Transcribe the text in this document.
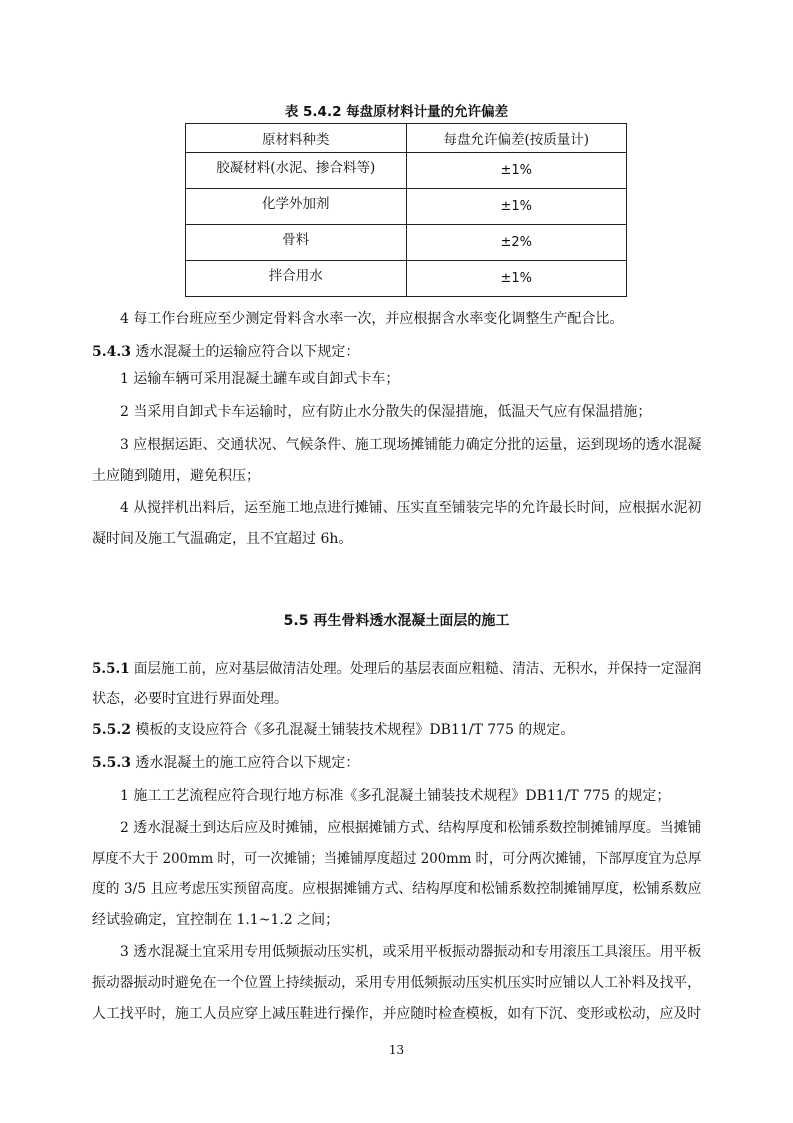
表 5.4.2 每盘原材料计量的允许偏差
原材料种类	每盘允许偏差(按质量计)

胶凝材料(水泥、掺合料等)	±1%

化学外加剂	±1%

骨料	±2%

拌合用水	±1%
4 每工作台班应至少测定骨料含水率一次，并应根据含水率变化调整生产配合比。
5.4.3 透水混凝土的运输应符合以下规定：
1 运输车辆可采用混凝土罐车或自卸式卡车；
2 当采用自卸式卡车运输时，应有防止水分散失的保湿措施，低温天气应有保温措施；
3 应根据运距、交通状况、气候条件、施工现场摊铺能力确定分批的运量，运到现场的透水混凝
土应随到随用，避免积压；
4 从搅拌机出料后，运至施工地点进行摊铺、压实直至铺装完毕的允许最长时间，应根据水泥初
凝时间及施工气温确定，且不宜超过 6h。
5.5 再生骨料透水混凝土面层的施工
5.5.1 面层施工前，应对基层做清洁处理。处理后的基层表面应粗糙、清洁、无积水，并保持一定湿润
状态，必要时宜进行界面处理。
5.5.2 模板的支设应符合《多孔混凝土铺装技术规程》DB11/T 775 的规定。
5.5.3 透水混凝土的施工应符合以下规定：
1 施工工艺流程应符合现行地方标准《多孔混凝土铺装技术规程》DB11/T 775 的规定；
2 透水混凝土到达后应及时摊铺，应根据摊铺方式、结构厚度和松铺系数控制摊铺厚度。当摊铺
厚度不大于 200mm 时，可一次摊铺；当摊铺厚度超过 200mm 时，可分两次摊铺，下部厚度宜为总厚
度的 3/5 且应考虑压实预留高度。应根据摊铺方式、结构厚度和松铺系数控制摊铺厚度，松铺系数应
经试验确定，宜控制在 1.1~1.2 之间；
3 透水混凝土宜采用专用低频振动压实机，或采用平板振动器振动和专用滚压工具滚压。用平板
振动器振动时避免在一个位置上持续振动，采用专用低频振动压实机压实时应铺以人工补料及找平，
人工找平时，施工人员应穿上减压鞋进行操作，并应随时检查模板，如有下沉、变形或松动，应及时
13
